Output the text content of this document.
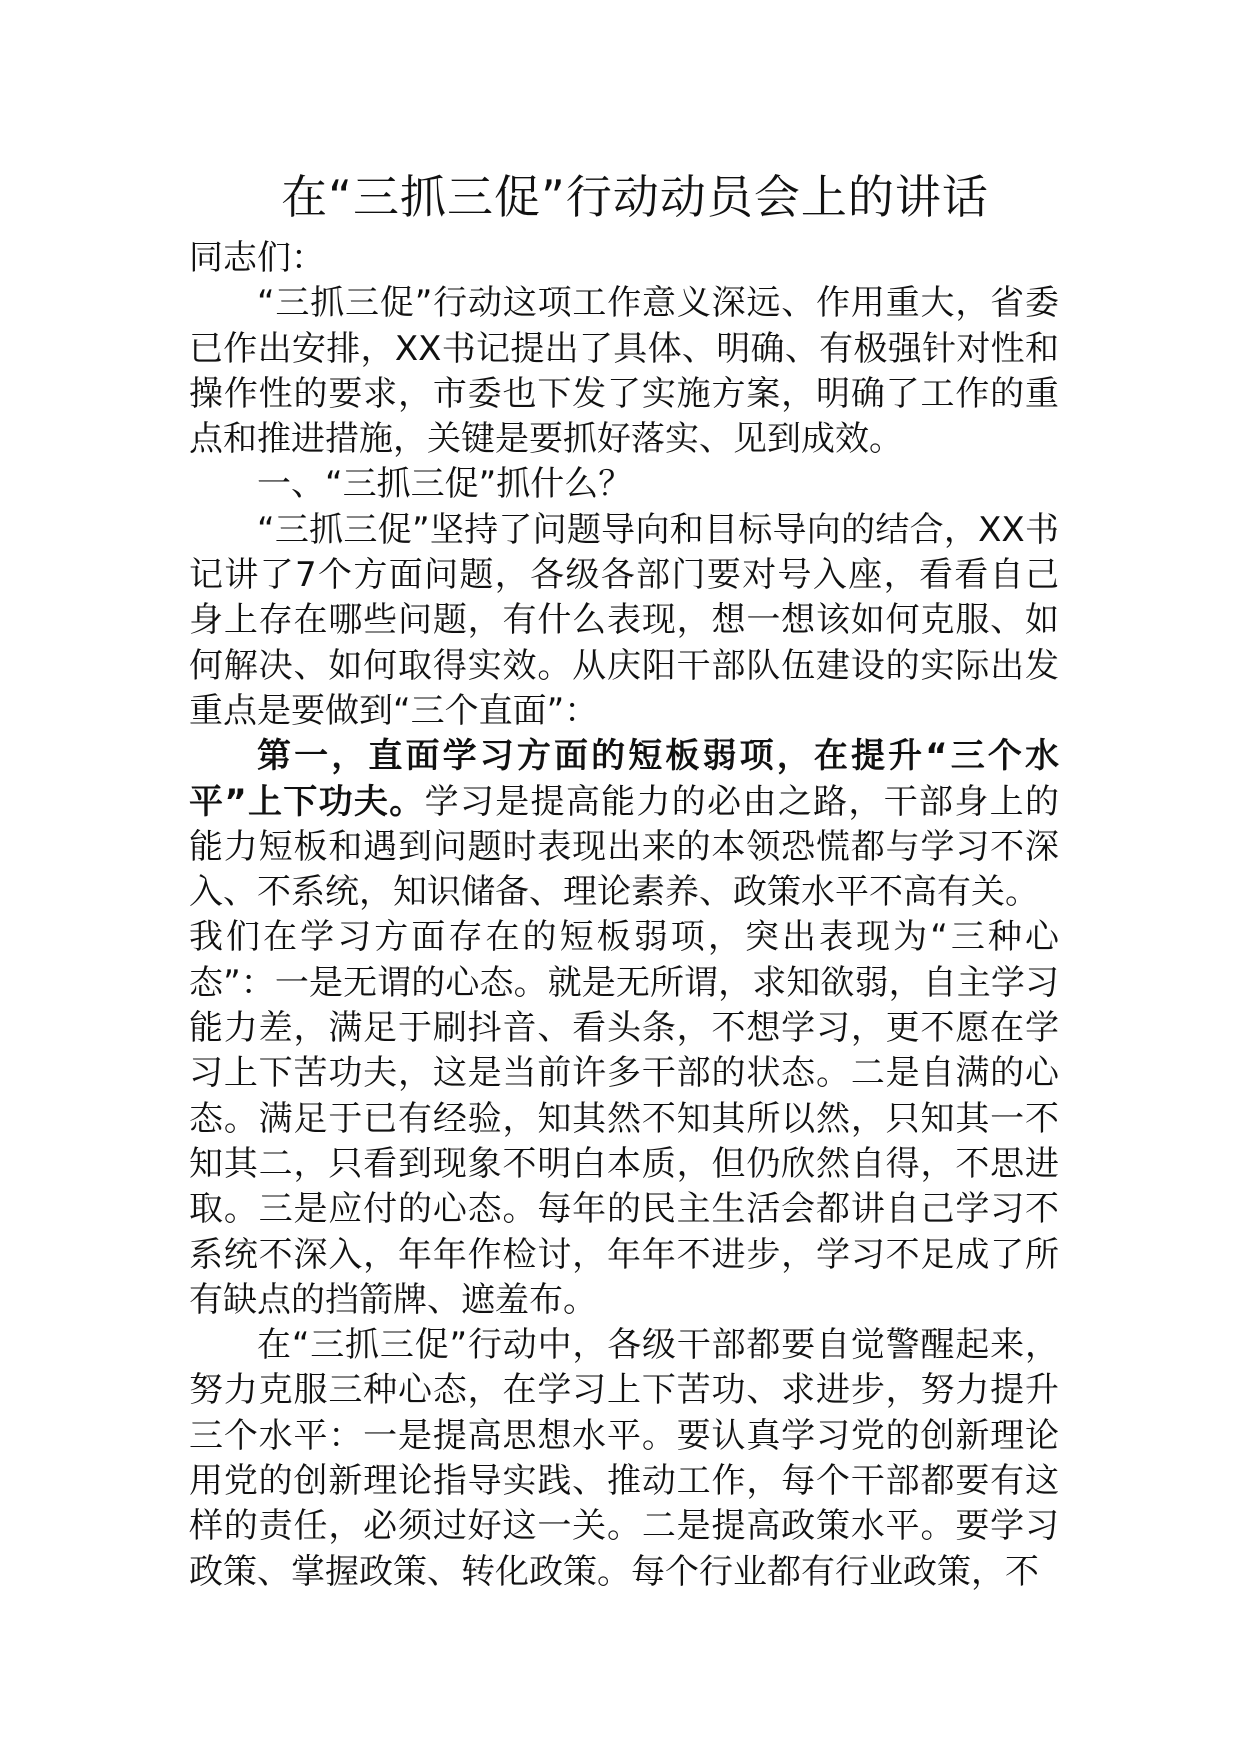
在“三抓三促”行动动员会上的讲话

同志们：

“三抓三促”行动这项工作意义深远、作用重大，省委已作出安排，XX书记提出了具体、明确、有极强针对性和操作性的要求，市委也下发了实施方案，明确了工作的重点和推进措施，关键是要抓好落实、见到成效。

一、“三抓三促”抓什么？

“三抓三促”坚持了问题导向和目标导向的结合，XX书记讲了7个方面问题，各级各部门要对号入座，看看自己身上存在哪些问题，有什么表现，想一想该如何克服、如何解决、如何取得实效。从庆阳干部队伍建设的实际出发重点是要做到“三个直面”：

第一，直面学习方面的短板弱项，在提升“三个水平”上下功夫。学习是提高能力的必由之路，干部身上的能力短板和遇到问题时表现出来的本领恐慌都与学习不深入、不系统，知识储备、理论素养、政策水平不高有关。

我们在学习方面存在的短板弱项，突出表现为“三种心态”：一是无谓的心态。就是无所谓，求知欲弱，自主学习能力差，满足于刷抖音、看头条，不想学习，更不愿在学习上下苦功夫，这是当前许多干部的状态。二是自满的心态。满足于已有经验，知其然不知其所以然，只知其一不知其二，只看到现象不明白本质，但仍欣然自得，不思进取。三是应付的心态。每年的民主生活会都讲自己学习不系统不深入，年年作检讨，年年不进步，学习不足成了所有缺点的挡箭牌、遮羞布。

在“三抓三促”行动中，各级干部都要自觉警醒起来，努力克服三种心态，在学习上下苦功、求进步，努力提升三个水平：一是提高思想水平。要认真学习党的创新理论用党的创新理论指导实践、推动工作，每个干部都要有这样的责任，必须过好这一关。二是提高政策水平。要学习政策、掌握政策、转化政策。每个行业都有行业政策，不
